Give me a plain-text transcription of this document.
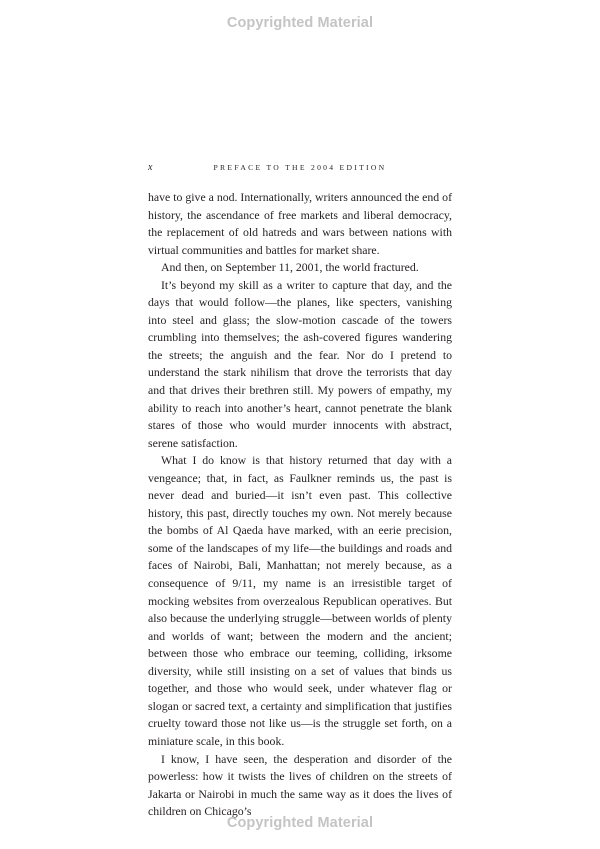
Copyrighted Material
x	PREFACE TO THE 2004 EDITION

have to give a nod. Internationally, writers announced the end of history, the ascendance of free markets and liberal democracy, the replacement of old hatreds and wars between nations with virtual communities and battles for market share.

And then, on September 11, 2001, the world fractured.

It’s beyond my skill as a writer to capture that day, and the days that would follow—the planes, like specters, vanishing into steel and glass; the slow-motion cascade of the towers crumbling into themselves; the ash-covered figures wandering the streets; the anguish and the fear. Nor do I pretend to understand the stark nihilism that drove the terrorists that day and that drives their brethren still. My powers of empathy, my ability to reach into another’s heart, cannot penetrate the blank stares of those who would murder innocents with abstract, serene satisfaction.

What I do know is that history returned that day with a vengeance; that, in fact, as Faulkner reminds us, the past is never dead and buried—it isn’t even past. This collective history, this past, directly touches my own. Not merely because the bombs of Al Qaeda have marked, with an eerie precision, some of the landscapes of my life—the buildings and roads and faces of Nairobi, Bali, Manhattan; not merely because, as a consequence of 9/11, my name is an irresistible target of mocking websites from overzealous Republican operatives. But also because the underlying struggle—between worlds of plenty and worlds of want; between the modern and the ancient; between those who embrace our teeming, colliding, irksome diversity, while still insisting on a set of values that binds us together, and those who would seek, under whatever flag or slogan or sacred text, a certainty and simplification that justifies cruelty toward those not like us—is the struggle set forth, on a miniature scale, in this book.

I know, I have seen, the desperation and disorder of the powerless: how it twists the lives of children on the streets of Jakarta or Nairobi in much the same way as it does the lives of children on Chicago’s

Copyrighted Material
